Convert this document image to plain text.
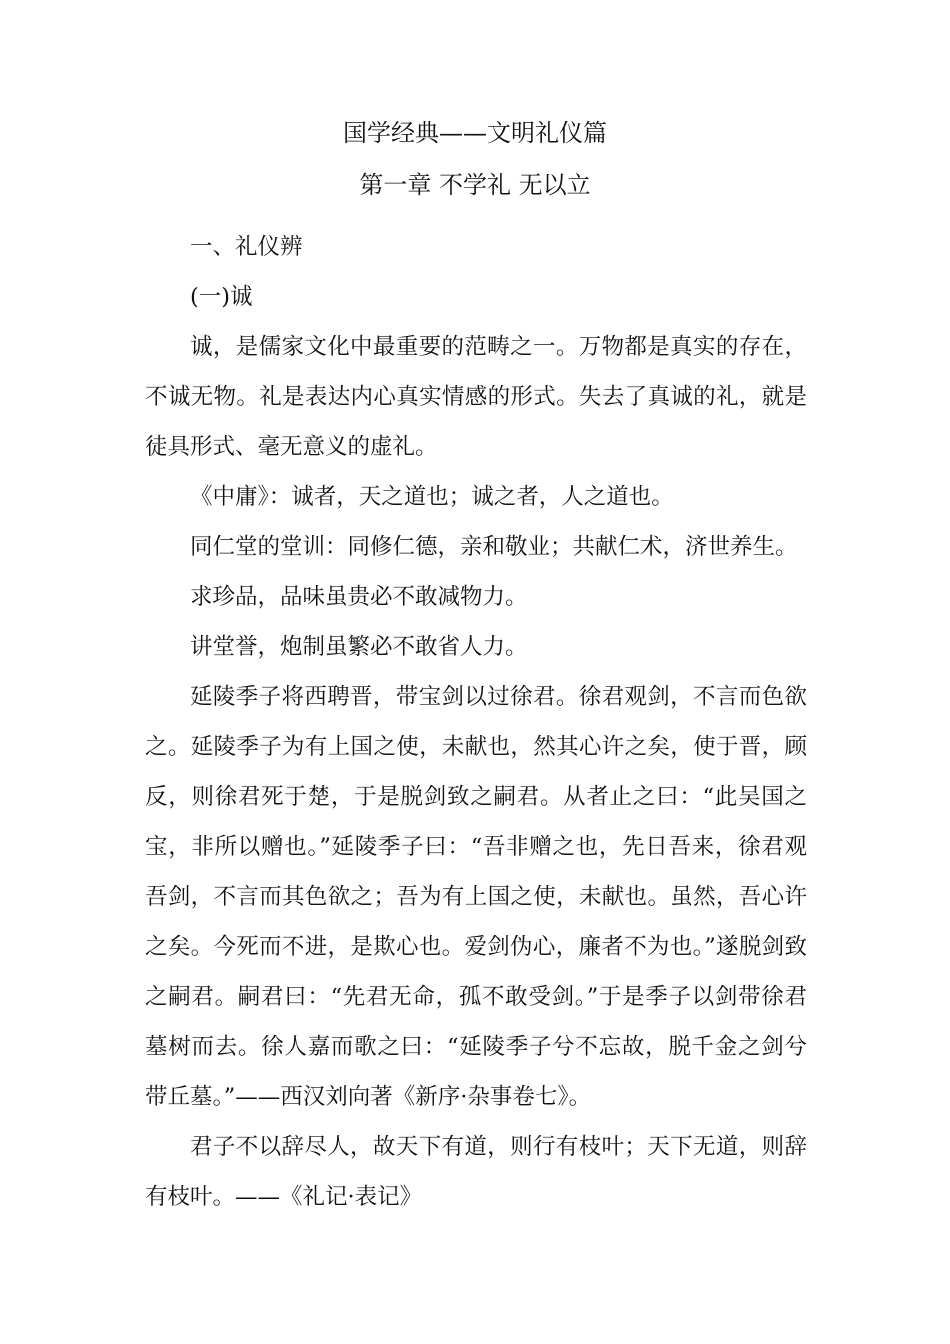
国学经典——文明礼仪篇
第一章 不学礼 无以立

一、礼仪辨

(一)诚

诚，是儒家文化中最重要的范畴之一。万物都是真实的存在，不诚无物。礼是表达内心真实情感的形式。失去了真诚的礼，就是徒具形式、毫无意义的虚礼。

《中庸》：诚者，天之道也；诚之者，人之道也。

同仁堂的堂训：同修仁德，亲和敬业；共献仁术，济世养生。

求珍品，品味虽贵必不敢减物力。

讲堂誉，炮制虽繁必不敢省人力。

延陵季子将西聘晋，带宝剑以过徐君。徐君观剑，不言而色欲之。延陵季子为有上国之使，未献也，然其心许之矣，使于晋，顾反，则徐君死于楚，于是脱剑致之嗣君。从者止之曰：“此吴国之宝，非所以赠也。”延陵季子曰：“吾非赠之也，先日吾来，徐君观吾剑，不言而其色欲之；吾为有上国之使，未献也。虽然，吾心许之矣。今死而不进，是欺心也。爱剑伪心，廉者不为也。”遂脱剑致之嗣君。嗣君曰：“先君无命，孤不敢受剑。”于是季子以剑带徐君墓树而去。徐人嘉而歌之曰：“延陵季子兮不忘故，脱千金之剑兮带丘墓。”——西汉刘向著《新序·杂事卷七》。

君子不以辞尽人，故天下有道，则行有枝叶；天下无道，则辞有枝叶。——《礼记·表记》
